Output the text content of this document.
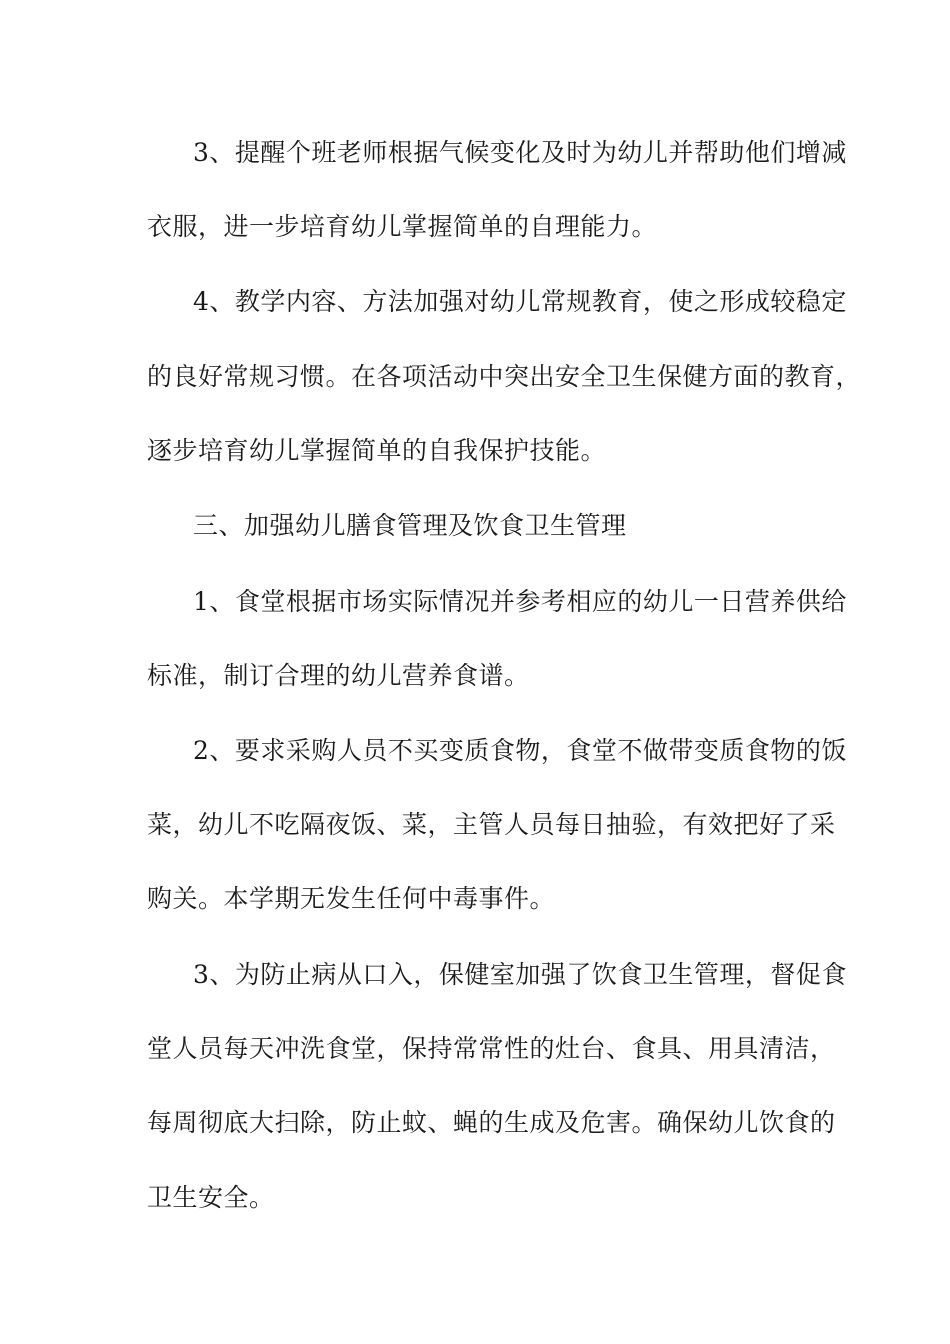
3、提醒个班老师根据气候变化及时为幼儿并帮助他们增减
衣服，进一步培育幼儿掌握简单的自理能力。
4、教学内容、方法加强对幼儿常规教育，使之形成较稳定
的良好常规习惯。在各项活动中突出安全卫生保健方面的教育，
逐步培育幼儿掌握简单的自我保护技能。
三、加强幼儿膳食管理及饮食卫生管理
1、食堂根据市场实际情况并参考相应的幼儿一日营养供给
标准，制订合理的幼儿营养食谱。
2、要求采购人员不买变质食物，食堂不做带变质食物的饭
菜，幼儿不吃隔夜饭、菜，主管人员每日抽验，有效把好了采
购关。本学期无发生任何中毒事件。
3、为防止病从口入，保健室加强了饮食卫生管理，督促食
堂人员每天冲洗食堂，保持常常性的灶台、食具、用具清洁，
每周彻底大扫除，防止蚊、蝇的生成及危害。确保幼儿饮食的
卫生安全。
